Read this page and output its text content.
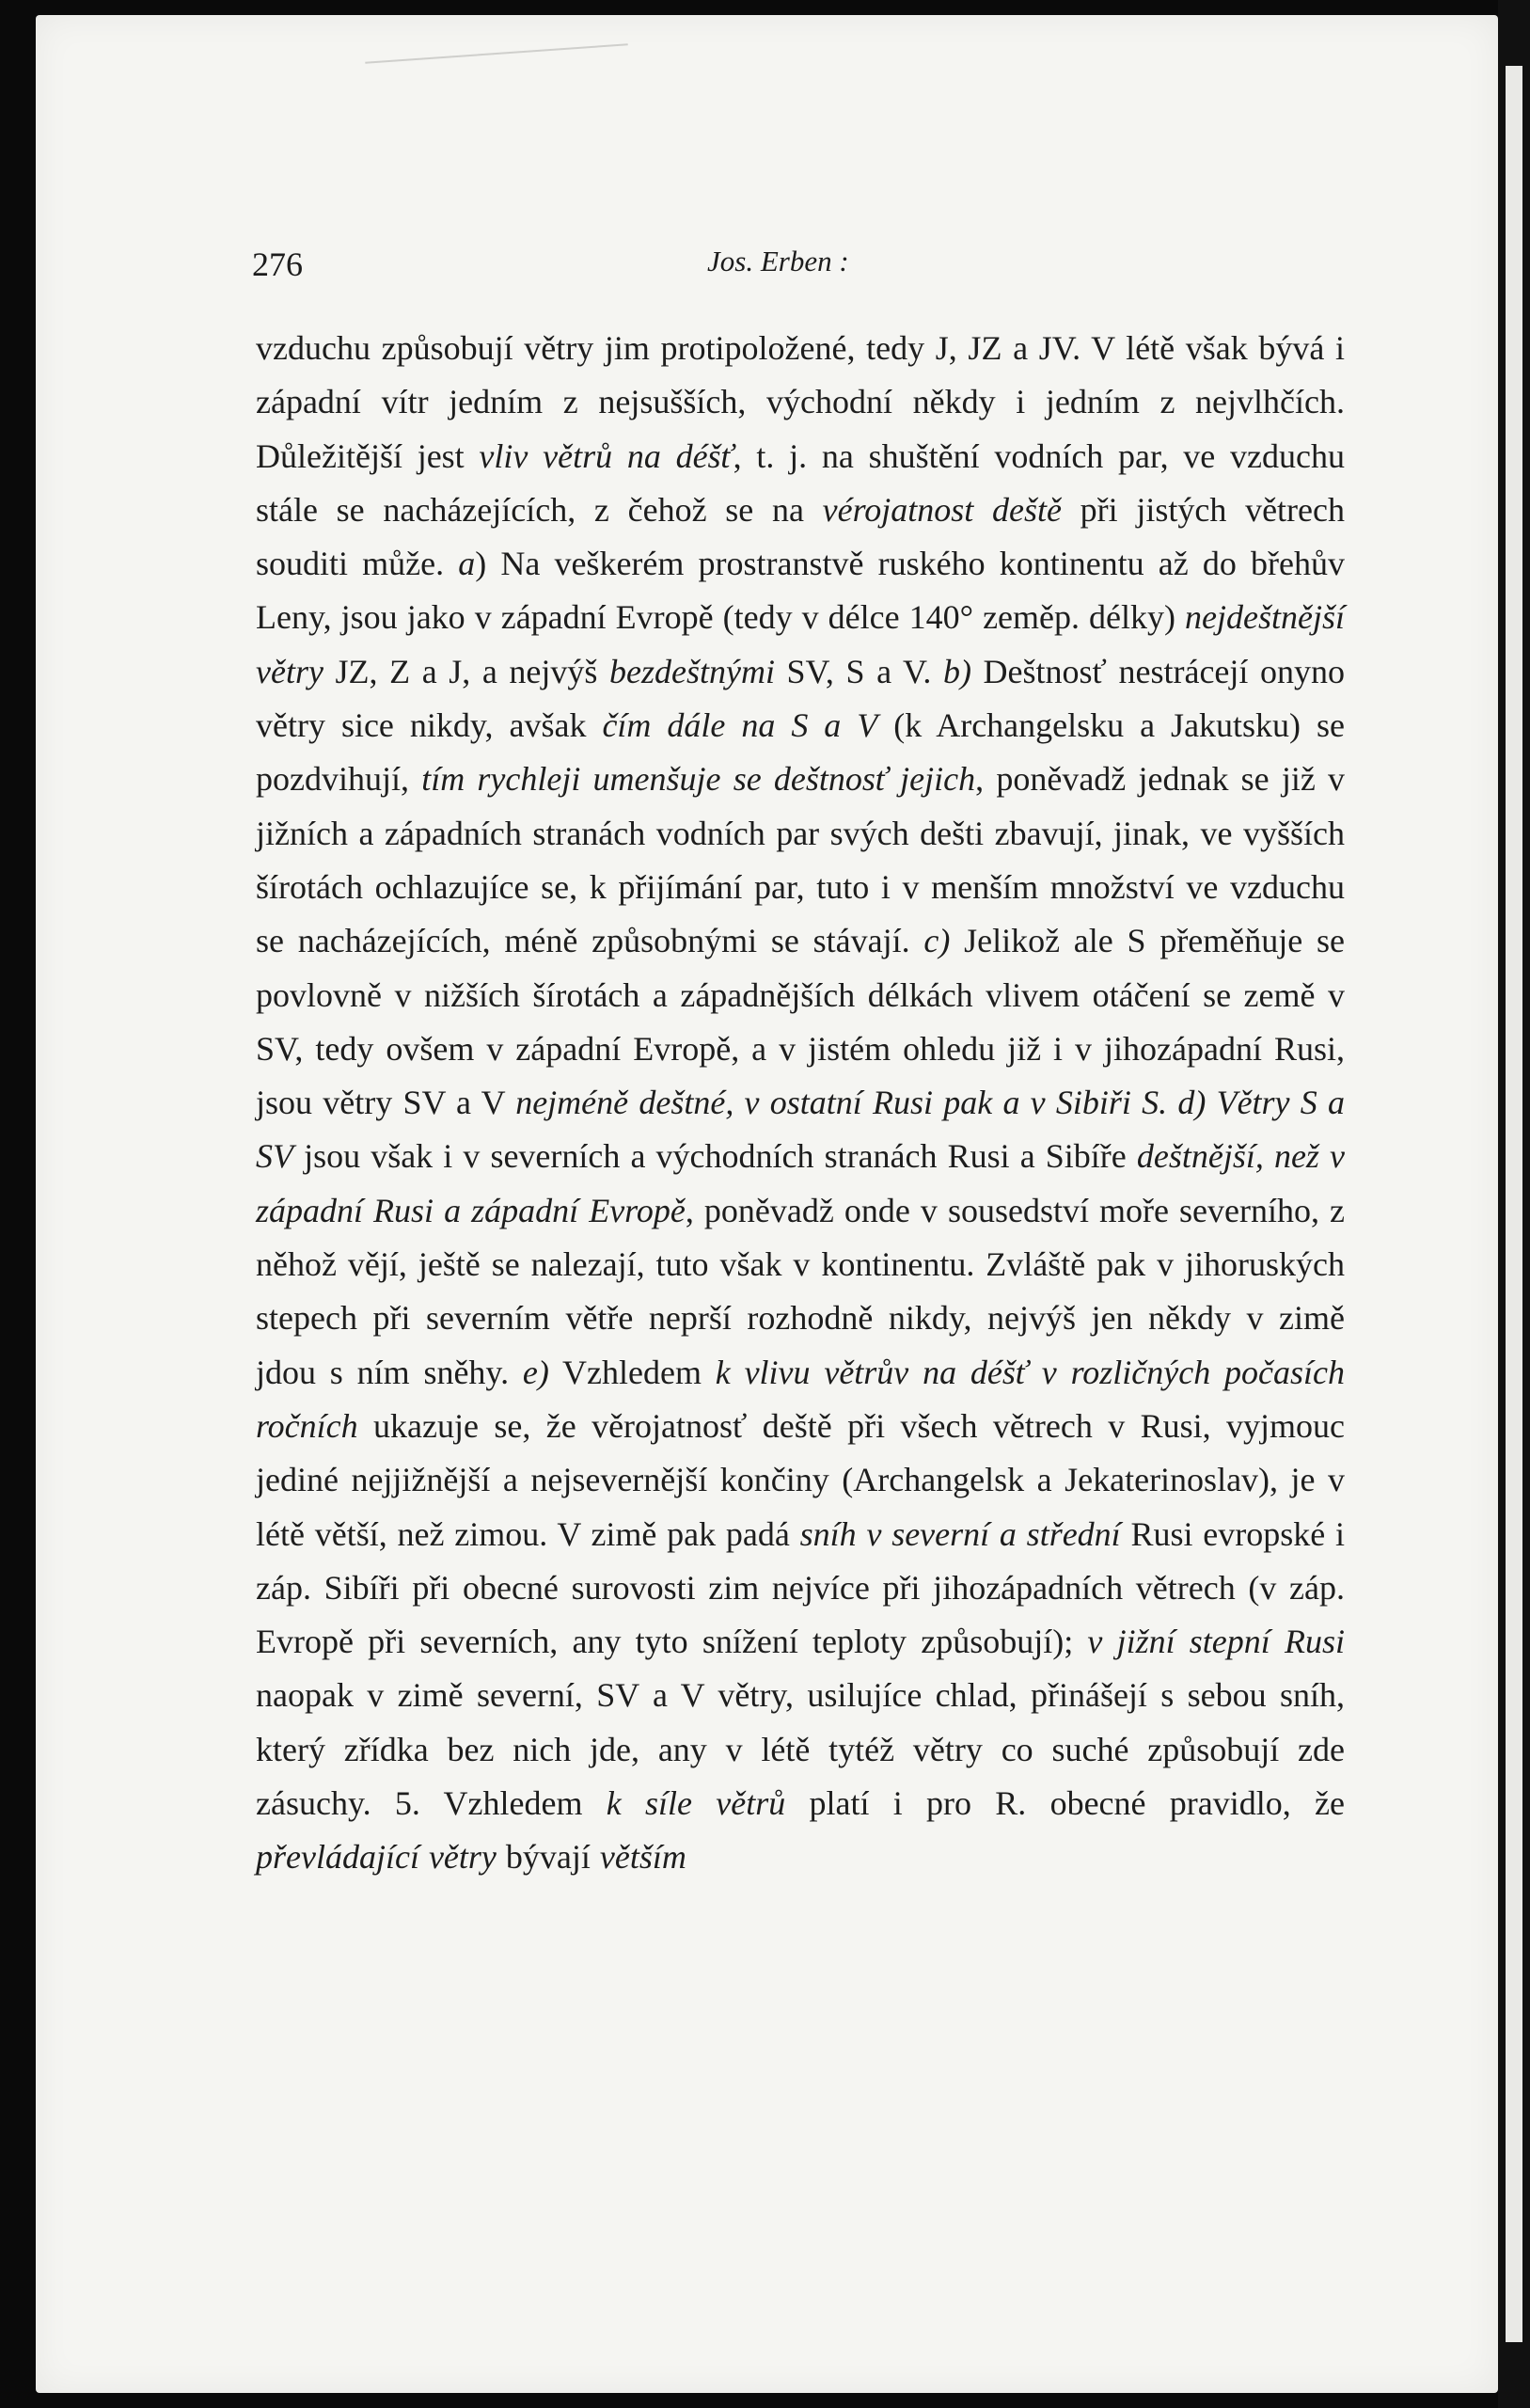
276	Jos. Erben :

vzduchu způsobují větry jim protipoložené, tedy J, JZ a JV. V létě však bývá i západní vítr jedním z nejsušších, východní někdy i jedním z nejvlhčích. Důležitější jest vliv větrů na déšť, t. j. na shuštění vodních par, ve vzduchu stále se nacházejících, z čehož se na vérojatnost deště při jistých větrech souditi může. a) Na veškerém prostranstvě ruského kontinentu až do břehův Leny, jsou jako v západní Evropě (tedy v délce 140° zeměp. délky) nejdeštnější větry JZ, Z a J, a nejvýš bezdeštnými SV, S a V. b) Deštnosť nestrácejí onyno větry sice nikdy, avšak čím dále na S a V (k Archangelsku a Jakutsku) se pozdvihují, tím rychleji umenšuje se deštnosť jejich, poněvadž jednak se již v jižních a západních stranách vodních par svých dešti zbavují, jinak, ve vyšších šírotách ochlazujíce se, k přijímání par, tuto i v menším množství ve vzduchu se nacházejících, méně způsobnými se stávají. c) Jelikož ale S přeměňuje se povlovně v nižších šírotách a západnějších délkách vlivem otáčení se země v SV, tedy ovšem v západní Evropě, a v jistém ohledu již i v jihozápadní Rusi, jsou větry SV a V nejméně deštné, v ostatní Rusi pak a v Sibiři S. d) Větry S a SV jsou však i v severních a východních stranách Rusi a Sibíře deštnější, než v západní Rusi a západní Evropě, poněvadž onde v sousedství moře severního, z něhož vějí, ještě se nalezají, tuto však v kontinentu. Zvláště pak v jihoruských stepech při severním větře neprší rozhodně nikdy, nejvýš jen někdy v zimě jdou s ním sněhy. e) Vzhledem k vlivu větrův na déšť v rozličných počasích ročních ukazuje se, že věrojatnosť deště při všech větrech v Rusi, vyjmouc jediné nejjižnější a nejsevernější končiny (Archangelsk a Jekaterinoslav), je v létě větší, než zimou. V zimě pak padá sníh v severní a střední Rusi evropské i záp. Sibíři při obecné surovosti zim nejvíce při jihozápadních větrech (v záp. Evropě při severních, any tyto snížení teploty způsobují); v jižní stepní Rusi naopak v zimě severní, SV a V větry, usilujíce chlad, přinášejí s sebou sníh, který zřídka bez nich jde, any v létě tytéž větry co suché způsobují zde zásuchy. 5. Vzhledem k síle větrů platí i pro R. obecné pravidlo, že převládající větry bývají větším
